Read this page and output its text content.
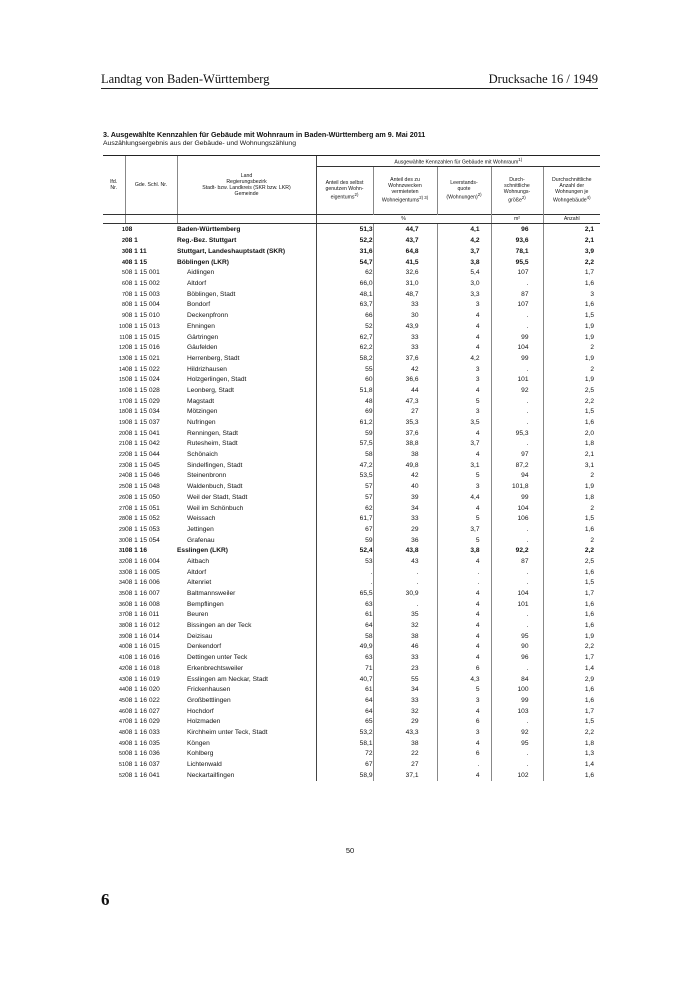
Landtag von Baden-Württemberg	Drucksache 16 / 1949

3. Ausgewählte Kennzahlen für Gebäude mit Wohnraum in Baden-Württemberg am 9. Mai 2011

Auszählungsergebnis aus der Gebäude- und Wohnungszählung

lfd.
Nr.	Gde. Schl. Nr.	Land
Regierungsbezirk
Stadt- bzw. Landkreis (SKR bzw. LKR)
Gemeinde	Ausgewählte Kennzahlen für Gebäude mit Wohnraum$^{1)}$
			Anteil des selbst
genutzen Wohn-
eigentums$^{2)}$	Anteil des zu
Wohnzwecken
vermieteten
Wohneigentums$^{2) 3)}$	Leerstands-
quote
(Wohnungen)$^{2)}$	Durch-
schnittliche
Wohnungs-
größe$^{2)}$	Durchschnittliche
Anzahl der
Wohnungen je
Wohngebäude$^{4)}$
			%			m²	Anzahl
1	08	Baden-Württemberg	51,3	44,7	4,1	96	2,1
2	08 1	Reg.-Bez. Stuttgart	52,2	43,7	4,2	93,6	2,1
3	08 1 11	Stuttgart, Landeshauptstadt (SKR)	31,6	64,8	3,7	78,1	3,9
4	08 1 15	Böblingen (LKR)	54,7	41,5	3,8	95,5	2,2
5	08 1 15 001	Aidlingen	62	32,6	5,4	107	1,7
6	08 1 15 002	Altdorf	66,0	31,0	3,0	.	1,6
7	08 1 15 003	Böblingen, Stadt	48,1	48,7	3,3	87	3
8	08 1 15 004	Bondorf	63,7	33	3	107	1,6
9	08 1 15 010	Deckenpfronn	66	30	4	.	1,5
10	08 1 15 013	Ehningen	52	43,9	4	.	1,9
11	08 1 15 015	Gärtringen	62,7	33	4	99	1,9
12	08 1 15 016	Gäufelden	62,2	33	4	104	2
13	08 1 15 021	Herrenberg, Stadt	58,2	37,6	4,2	99	1,9
14	08 1 15 022	Hildrizhausen	55	42	3	.	2
15	08 1 15 024	Holzgerlingen, Stadt	60	36,6	3	101	1,9
16	08 1 15 028	Leonberg, Stadt	51,8	44	4	92	2,5
17	08 1 15 029	Magstadt	48	47,3	5	.	2,2
18	08 1 15 034	Mötzingen	69	27	3	.	1,5
19	08 1 15 037	Nufringen	61,2	35,3	3,5	.	1,6
20	08 1 15 041	Renningen, Stadt	59	37,6	4	95,3	2,0
21	08 1 15 042	Rutesheim, Stadt	57,5	38,8	3,7	.	1,8
22	08 1 15 044	Schönaich	58	38	4	97	2,1
23	08 1 15 045	Sindelfingen, Stadt	47,2	49,8	3,1	87,2	3,1
24	08 1 15 046	Steinenbronn	53,5	42	5	94	2
25	08 1 15 048	Waldenbuch, Stadt	57	40	3	101,8	1,9
26	08 1 15 050	Weil der Stadt, Stadt	57	39	4,4	99	1,8
27	08 1 15 051	Weil im Schönbuch	62	34	4	104	2
28	08 1 15 052	Weissach	61,7	33	5	106	1,5
29	08 1 15 053	Jettingen	67	29	3,7	.	1,6
30	08 1 15 054	Grafenau	59	36	5	.	2
31	08 1 16	Esslingen (LKR)	52,4	43,8	3,8	92,2	2,2
32	08 1 16 004	Aitbach	53	43	4	87	2,5
33	08 1 16 005	Altdorf	.	.	.	.	1,6
34	08 1 16 006	Altenriet	.	.	.	.	1,5
35	08 1 16 007	Baltmannsweiler	65,5	30,9	4	104	1,7
36	08 1 16 008	Bempflingen	63	.	4	101	1,6
37	08 1 16 011	Beuren	61	35	4	.	1,6
38	08 1 16 012	Bissingen an der Teck	64	32	4	.	1,6
39	08 1 16 014	Deizisau	58	38	4	95	1,9
40	08 1 16 015	Denkendorf	49,9	46	4	90	2,2
41	08 1 16 016	Dettingen unter Teck	63	33	4	96	1,7
42	08 1 16 018	Erkenbrechtsweiler	71	23	6	.	1,4
43	08 1 16 019	Esslingen am Neckar, Stadt	40,7	55	4,3	84	2,9
44	08 1 16 020	Frickenhausen	61	34	5	100	1,6
45	08 1 16 022	Großbettlingen	64	33	3	99	1,6
46	08 1 16 027	Hochdorf	64	32	4	103	1,7
47	08 1 16 029	Holzmaden	65	29	6	.	1,5
48	08 1 16 033	Kirchheim unter Teck, Stadt	53,2	43,3	3	92	2,2
49	08 1 16 035	Köngen	58,1	38	4	95	1,8
50	08 1 16 036	Kohlberg	72	22	6	.	1,3
51	08 1 16 037	Lichtenwald	67	27	.	.	1,4
52	08 1 16 041	Neckartailfingen	58,9	37,1	4	102	1,6
50
6
